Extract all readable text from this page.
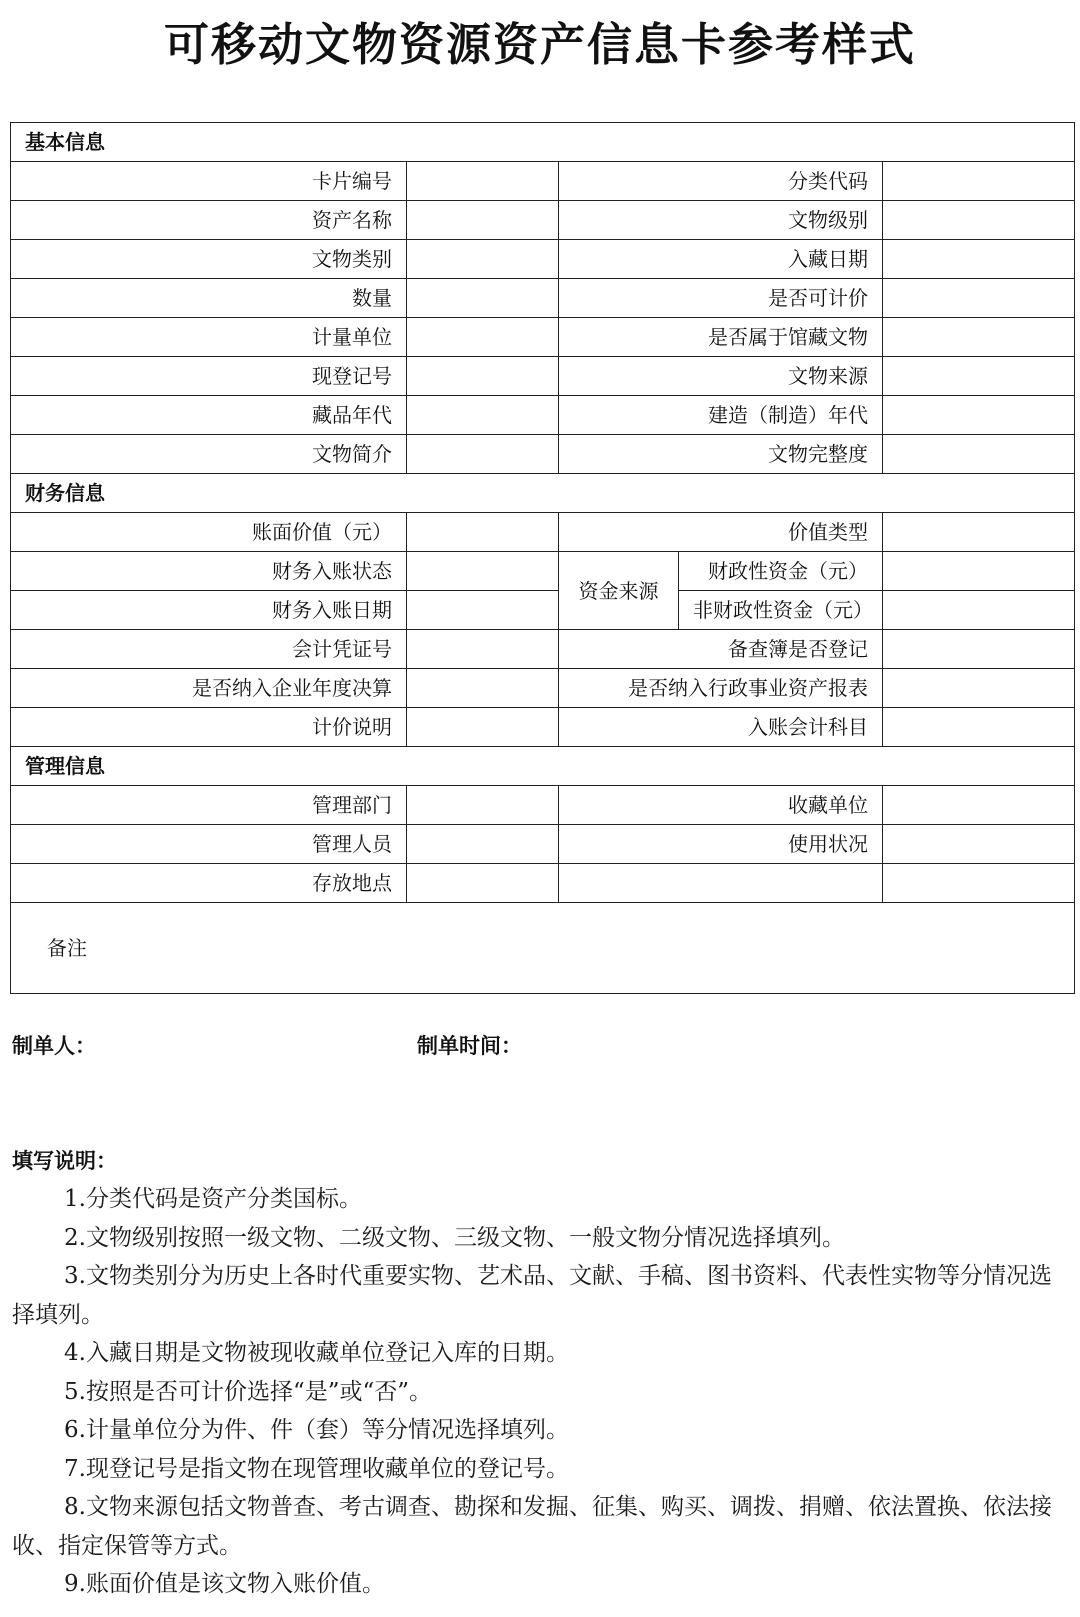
可移动文物资源资产信息卡参考样式
基本信息				
卡片编号		分类代码		
资产名称		文物级别		
文物类别		入藏日期		
数量		是否可计价		
计量单位		是否属于馆藏文物		
现登记号		文物来源		
藏品年代		建造（制造）年代		
文物简介		文物完整度		
财务信息				
账面价值（元）		价值类型		
财务入账状态		资金来源	财政性资金（元）	
财务入账日期			非财政性资金（元）	
会计凭证号		备查簿是否登记		
是否纳入企业年度决算		是否纳入行政事业资产报表		
计价说明		入账会计科目		
管理信息				
管理部门		收藏单位		
管理人员		使用状况		
存放地点				
备注				
制单人：	制单时间：
填写说明：
1.分类代码是资产分类国标。
2.文物级别按照一级文物、二级文物、三级文物、一般文物分情况选择填列。
3.文物类别分为历史上各时代重要实物、艺术品、文献、手稿、图书资料、代表性实物等分情况选择填列。
4.入藏日期是文物被现收藏单位登记入库的日期。
5.按照是否可计价选择“是”或“否”。
6.计量单位分为件、件（套）等分情况选择填列。
7.现登记号是指文物在现管理收藏单位的登记号。
8.文物来源包括文物普查、考古调查、勘探和发掘、征集、购买、调拨、捐赠、依法置换、依法接收、指定保管等方式。
9.账面价值是该文物入账价值。
